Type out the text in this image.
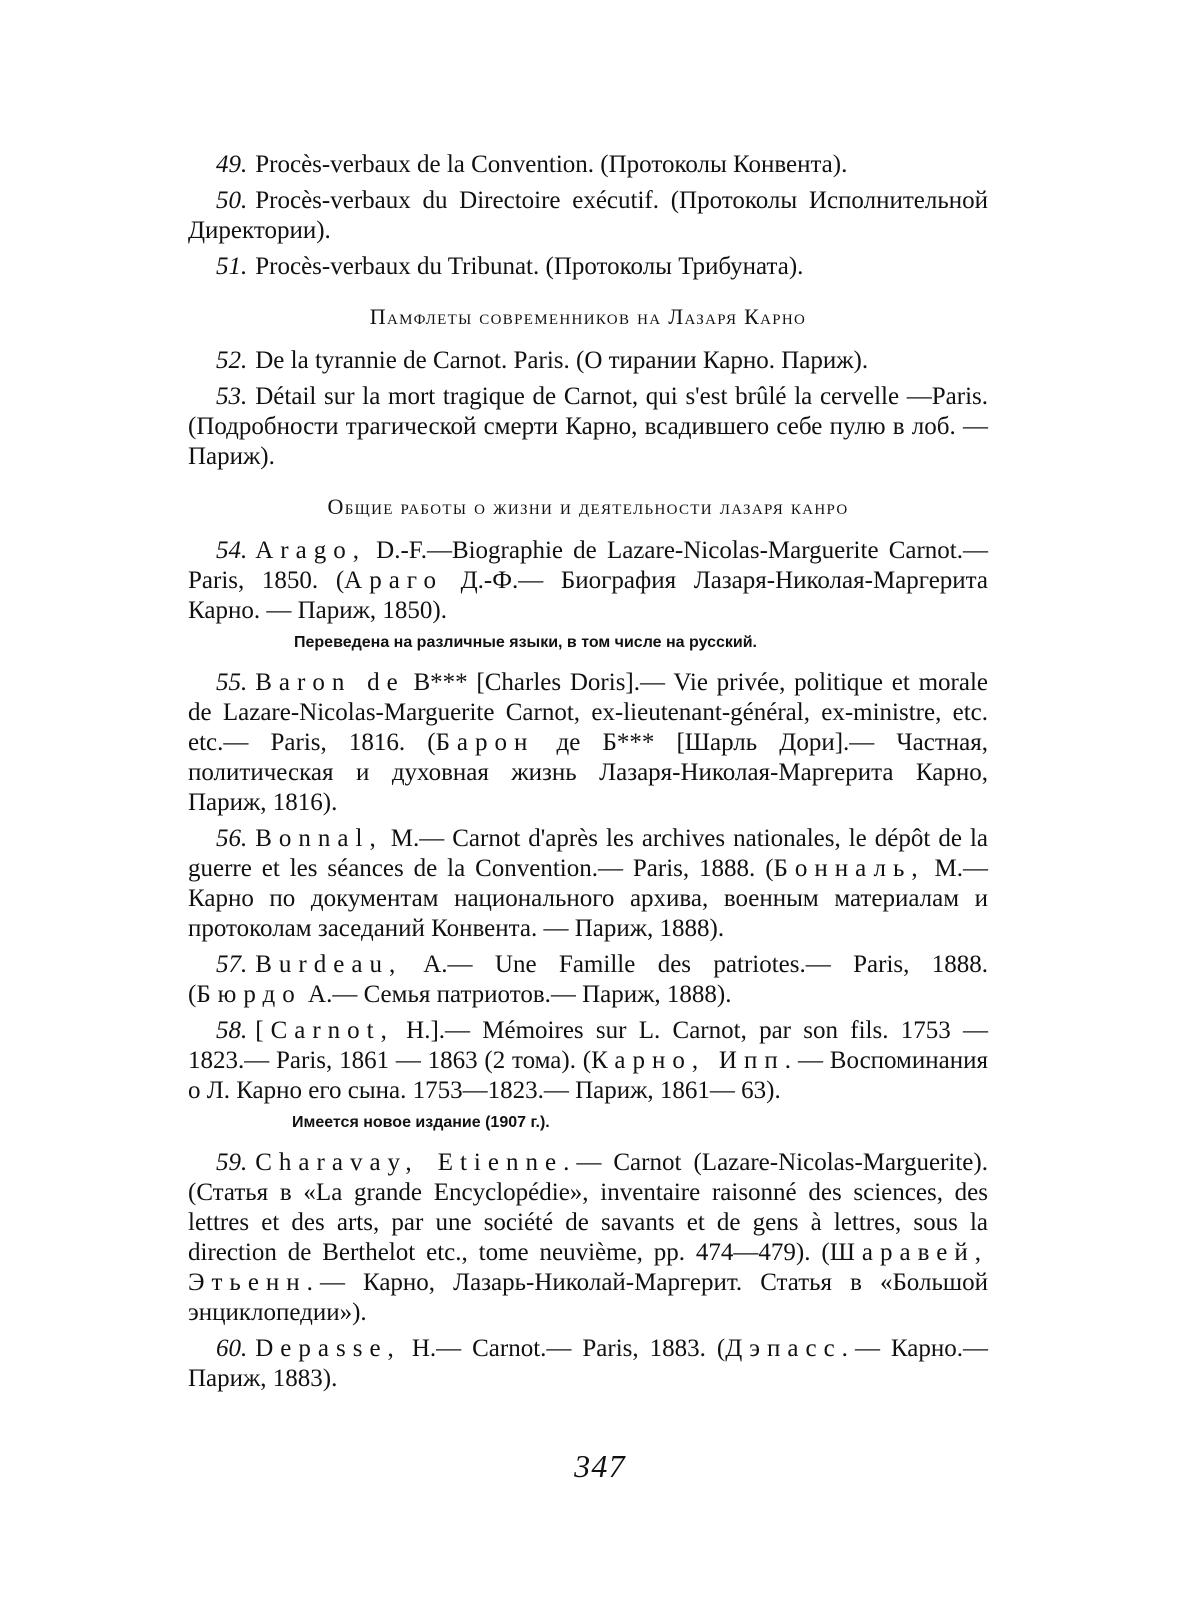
49. Procès-verbaux de la Convention. (Протоколы Конвента).

50. Procès-verbaux du Directoire exécutif. (Протоколы Исполнительной Директории).

51. Procès-verbaux du Tribunat. (Протоколы Трибуната).

Памфлеты современников на Лазаря Карно

52. De la tyrannie de Carnot. Paris. (О тирании Карно. Париж).

53. Détail sur la mort tragique de Carnot, qui s'est brûlé la cervelle —Paris. (Подробности трагической смерти Карно, всадившего себе пулю в лоб. — Париж).

Общие работы о жизни и деятельности лазаря канро

54. Arago, D.-F.—Biographie de Lazare-Nicolas-Marguerite Carnot.—Paris, 1850. (Араго Д.-Ф.— Биография Лазаря-Николая-Маргерита Карно. — Париж, 1850).

Переведена на различные языки, в том числе на русский.

55. Baron de B*** [Charles Doris].— Vie privée, politique et morale de Lazare-Nicolas-Marguerite Carnot, ex-lieutenant-général, ex-ministre, etc. etc.— Paris, 1816. (Барон де Б*** [Шарль Дори].— Частная, политическая и духовная жизнь Лазаря-Николая-Маргерита Карно, Париж, 1816).

56. Bonnal, M.— Carnot d'après les archives nationales, le dépôt de la guerre et les séances de la Convention.— Paris, 1888. (Бонналь, М.— Карно по документам национального архива, военным материалам и протоколам заседаний Конвента. — Париж, 1888).

57. Burdeau, A.— Une Famille des patriotes.— Paris, 1888. (Бюрдо А.— Семья патриотов.— Париж, 1888).

58. [Carnot, H.].— Mémoires sur L. Carnot, par son fils. 1753 — 1823.— Paris, 1861 — 1863 (2 тома). (Карно, Ипп.— Воспоминания о Л. Карно его сына. 1753—1823.— Париж, 1861— 63).

Имеется новое издание (1907 г.).

59. Charavay, Etienne.— Carnot (Lazare-Nicolas-Marguerite). (Статья в «La grande Encyclopédie», inventaire raisonné des sciences, des lettres et des arts, par une société de savants et de gens à lettres, sous la direction de Berthelot etc., tome neuvième, pp. 474—479). (Шаравей, Этьенн.— Карно, Лазарь-Николай-Маргерит. Статья в «Большой энциклопедии»).

60. Depasse, H.— Carnot.— Paris, 1883. (Дэпасс.— Карно.— Париж, 1883).

347
